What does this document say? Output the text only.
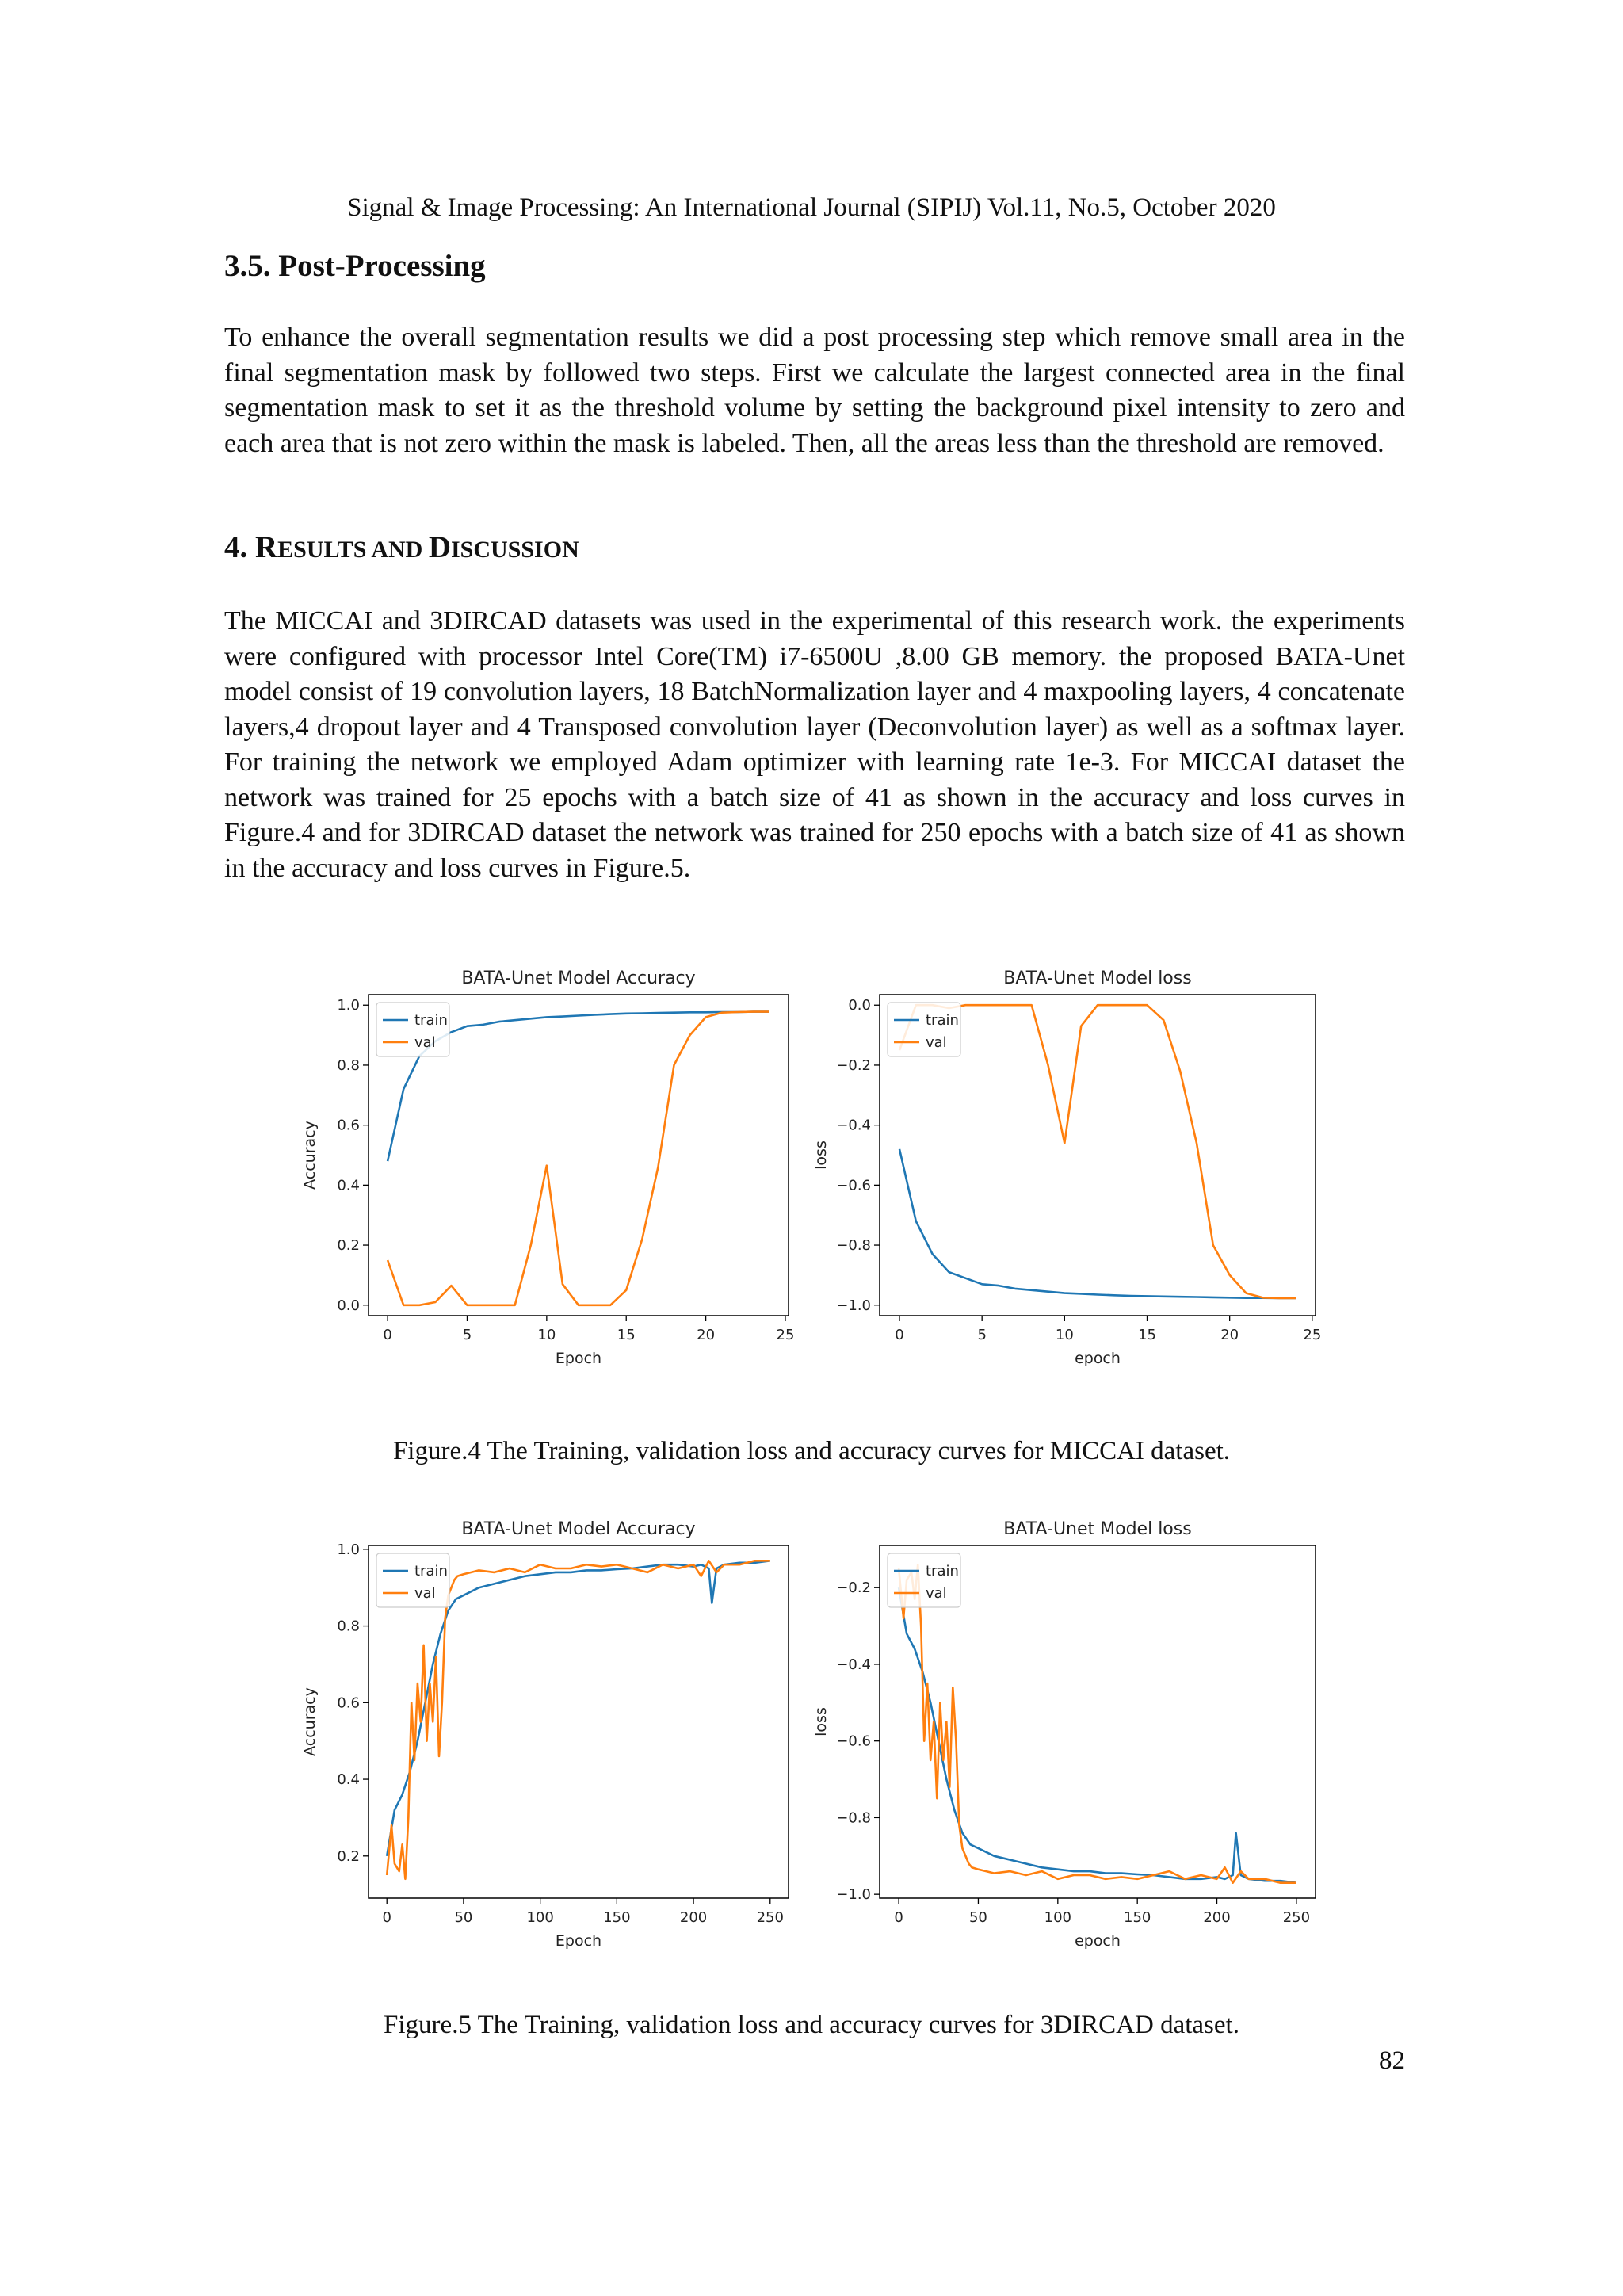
Signal & Image Processing: An International Journal (SIPIJ) Vol.11, No.5, October 2020
3.5. Post-Processing
To enhance the overall segmentation results we did a post processing step which remove small area in the final segmentation mask by followed two steps. First we calculate the largest connected area in the final segmentation mask to set it as the threshold volume by setting the background pixel intensity to zero and each area that is not zero within the mask is labeled. Then, all the areas less than the threshold are removed.
4. RESULTS AND DISCUSSION
The MICCAI and 3DIRCAD datasets was used in the experimental of this research work. the experiments were configured with processor Intel Core(TM) i7-6500U ,8.00 GB memory. the proposed BATA-Unet model consist of 19 convolution layers, 18 BatchNormalization layer and 4 maxpooling layers, 4 concatenate layers,4 dropout layer and 4 Transposed convolution layer (Deconvolution layer) as well as a softmax layer. For training the network we employed Adam optimizer with learning rate 1e-3. For MICCAI dataset the network was trained for 25 epochs with a batch size of 41 as shown in the accuracy and loss curves in Figure.4 and for 3DIRCAD dataset the network was trained for 250 epochs with a batch size of 41 as shown in the accuracy and loss curves in Figure.5.
BATA-Unet Model Accuracy
0	5	10	15	20	25
0.0
0.2
0.4
0.6
0.8
1.0
Epoch
Accuracy
train
val
BATA-Unet Model loss
0	5	10	15	20	25
0.0
−0.2
−0.4
−0.6
−0.8
−1.0
epoch
loss
train
val
Figure.4 The Training, validation loss and accuracy curves for MICCAI dataset.
BATA-Unet Model Accuracy
0	50	100	150	200	250
0.2
0.4
0.6
0.8
1.0
Epoch
Accuracy
train
val
BATA-Unet Model loss
0	50	100	150	200	250
−0.2
−0.4
−0.6
−0.8
−1.0
epoch
loss
train
val
Figure.5 The Training, validation loss and accuracy curves for 3DIRCAD dataset.
82
